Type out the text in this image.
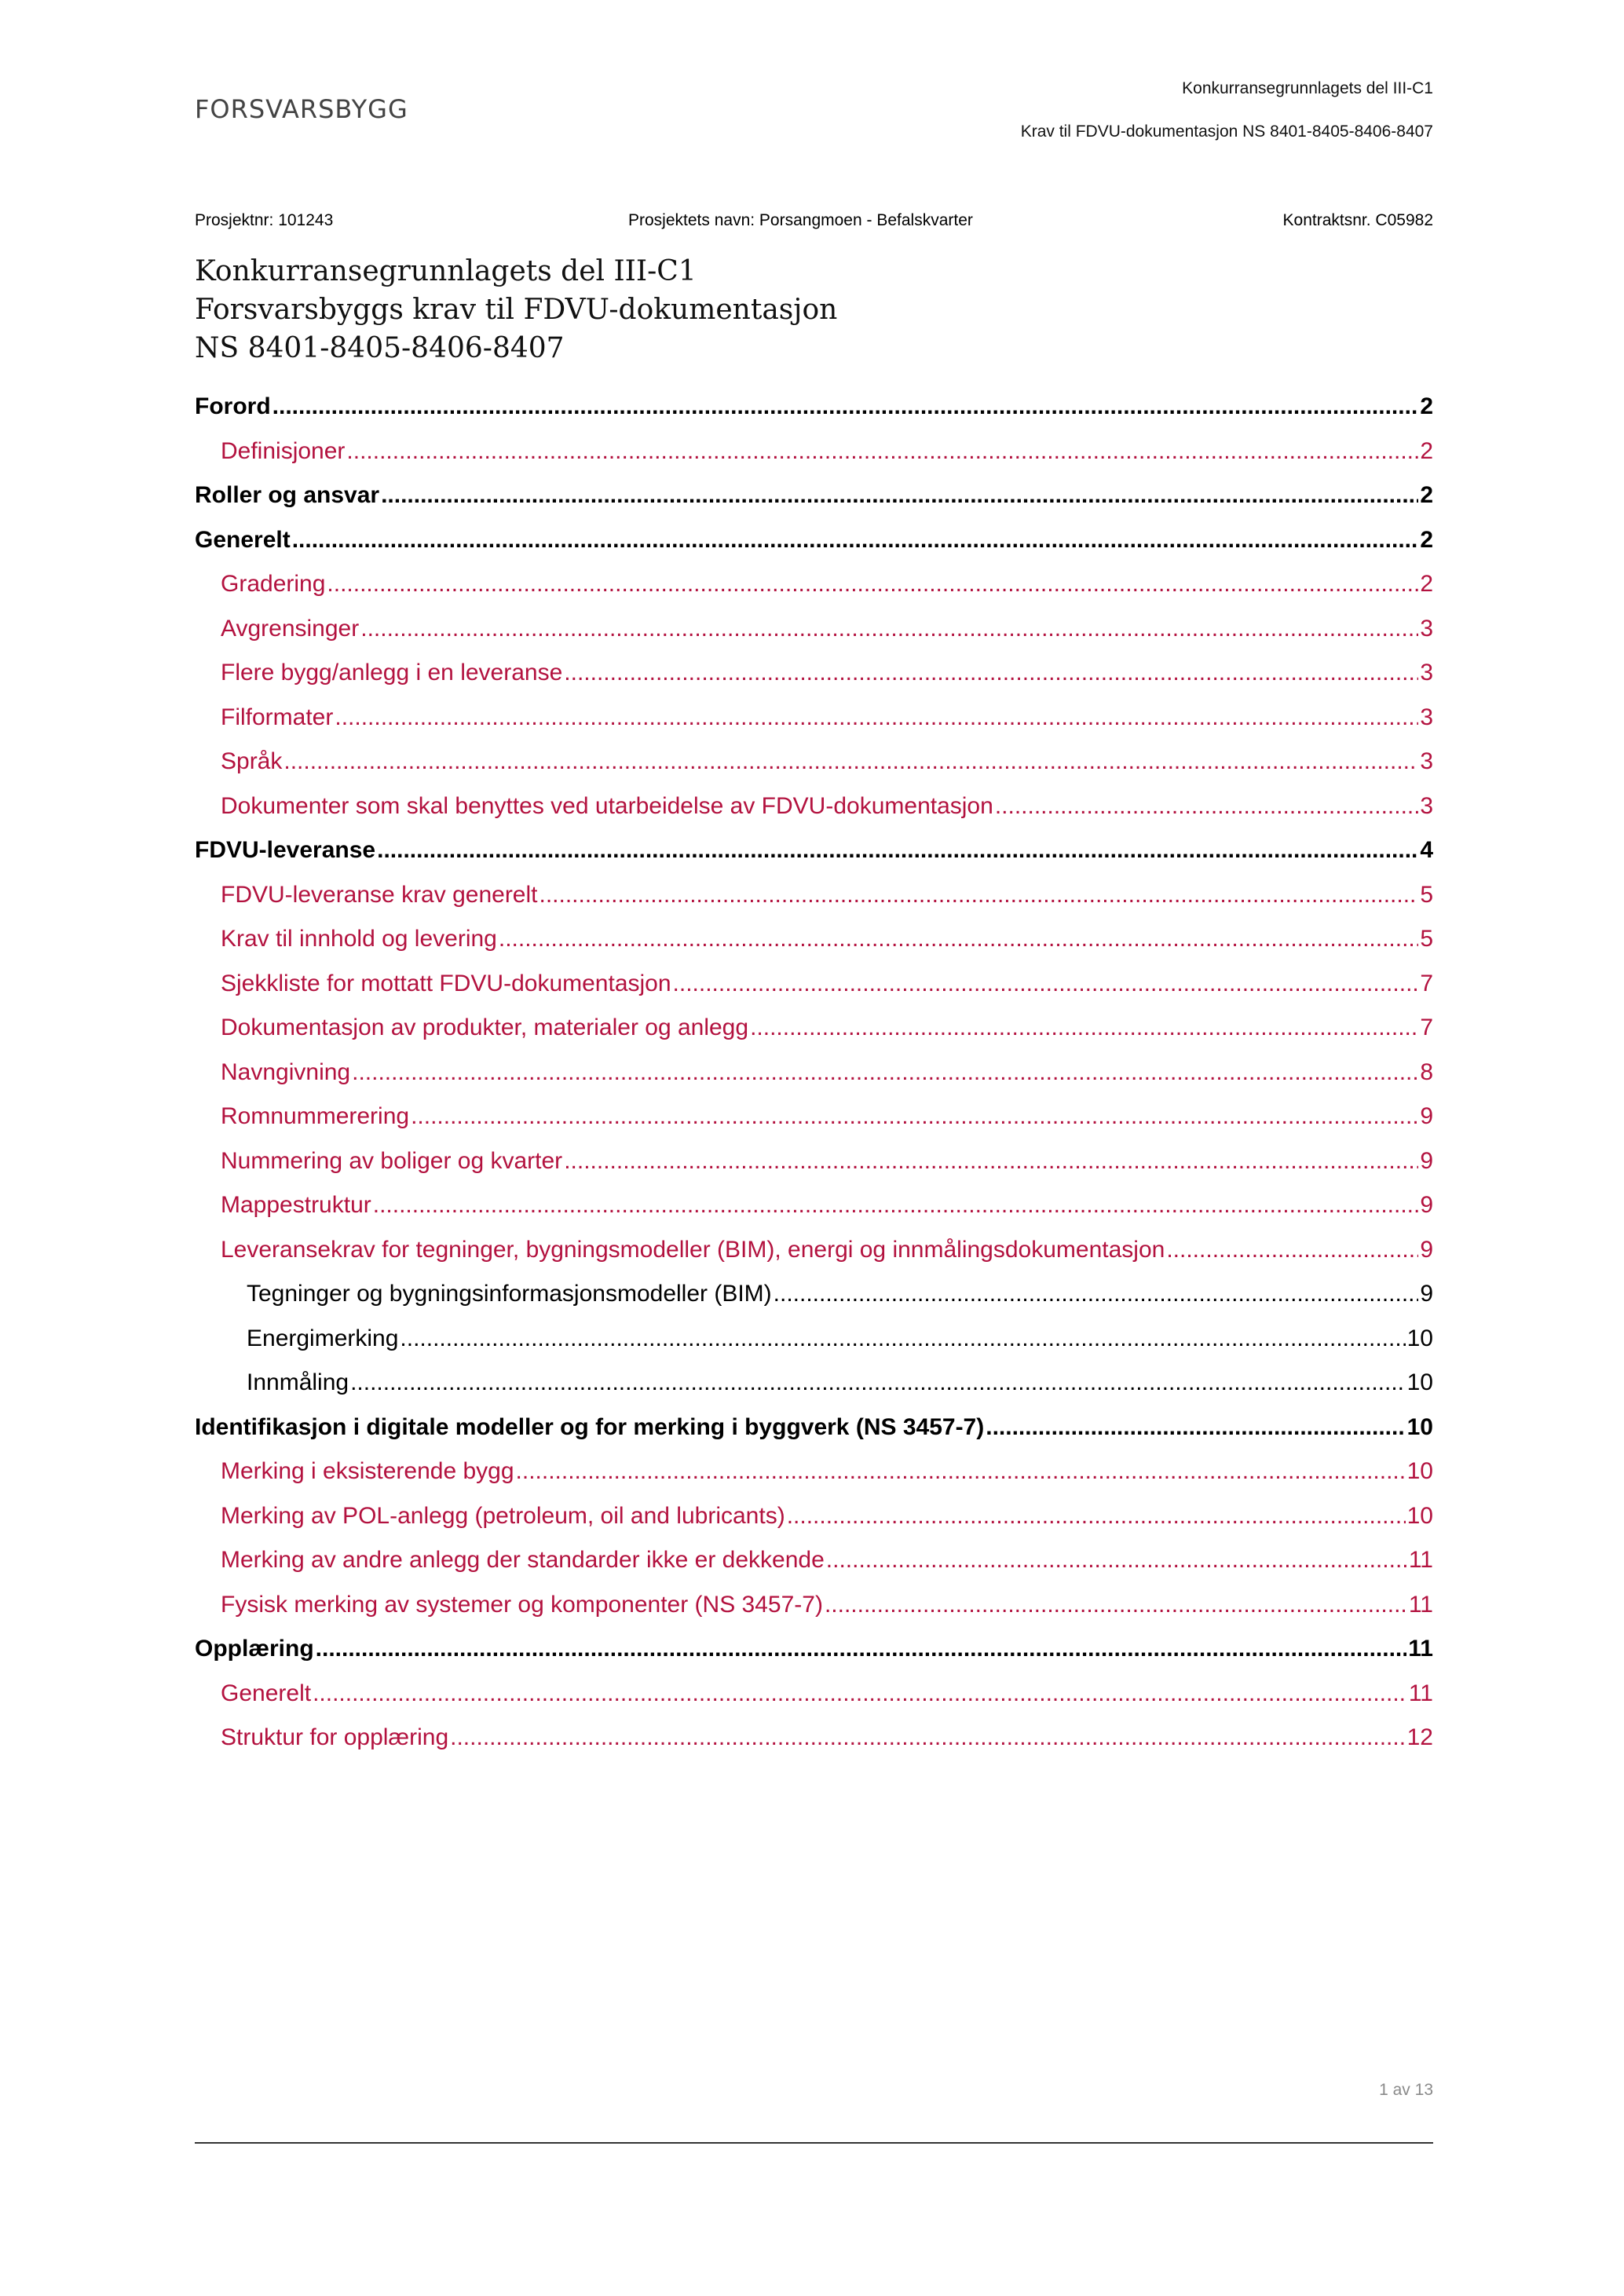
FORSVARSBYGG
Konkurransegrunnlagets del III-C1
Krav til FDVU-dokumentasjon NS 8401-8405-8406-8407
Prosjektnr: 101243	Prosjektets navn: Porsangmoen - Befalskvarter	Kontraktsnr. C05982
Konkurransegrunnlagets del III-C1
Forsvarsbyggs krav til FDVU-dokumentasjon
NS 8401-8405-8406-8407
Forord .....	2
Definisjoner .....	2
Roller og ansvar .....	2
Generelt .....	2
Gradering .....	2
Avgrensinger .....	3
Flere bygg/anlegg i en leveranse .....	3
Filformater .....	3
Språk .....	3
Dokumenter som skal benyttes ved utarbeidelse av FDVU-dokumentasjon .....	3
FDVU-leveranse .....	4
FDVU-leveranse krav generelt .....	5
Krav til innhold og levering .....	5
Sjekkliste for mottatt FDVU-dokumentasjon .....	7
Dokumentasjon av produkter, materialer og anlegg .....	7
Navngivning .....	8
Romnummerering .....	9
Nummering av boliger og kvarter .....	9
Mappestruktur .....	9
Leveransekrav for tegninger, bygningsmodeller (BIM), energi og innmålingsdokumentasjon .....	9
Tegninger og bygningsinformasjonsmodeller (BIM) .....	9
Energimerking .....	10
Innmåling .....	10
Identifikasjon i digitale modeller og for merking i byggverk (NS 3457-7) .....	10
Merking i eksisterende bygg .....	10
Merking av POL-anlegg (petroleum, oil and lubricants) .....	10
Merking av andre anlegg der standarder ikke er dekkende .....	11
Fysisk merking av systemer og komponenter (NS 3457-7) .....	11
Opplæring .....	11
Generelt .....	11
Struktur for opplæring .....	12
1 av 13
